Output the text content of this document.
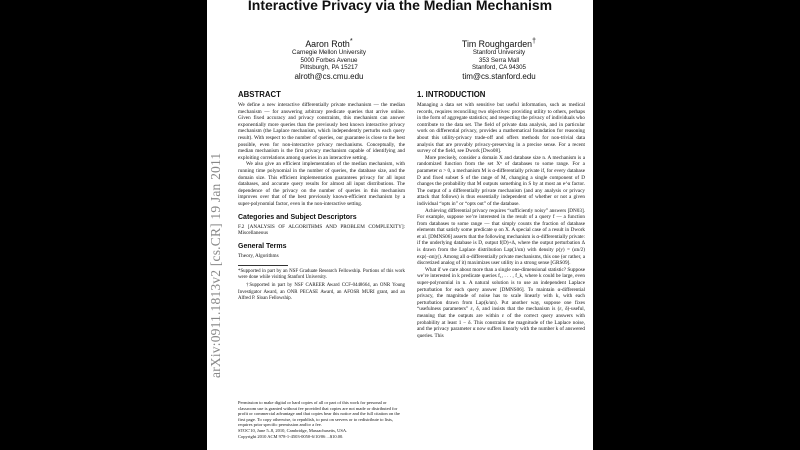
Interactive Privacy via the Median Mechanism
Aaron Roth*
Carnegie Mellon University
5000 Forbes Avenue
Pittsburgh, PA 15217
alroth@cs.cmu.edu
Tim Roughgarden†
Stanford University
353 Serra Mall
Stanford, CA 94305
tim@cs.stanford.edu
arXiv:0911.1813v2 [cs.CR] 19 Jan 2011
ABSTRACT

We define a new interactive differentially private mechanism — the median mechanism — for answering arbitrary predicate queries that arrive online. Given fixed accuracy and privacy constraints, this mechanism can answer exponentially more queries than the previously best known interactive privacy mechanism (the Laplace mechanism, which independently perturbs each query result). With respect to the number of queries, our guarantee is close to the best possible, even for non-interactive privacy mechanisms. Conceptually, the median mechanism is the first privacy mechanism capable of identifying and exploiting correlations among queries in an interactive setting.

We also give an efficient implementation of the median mechanism, with running time polynomial in the number of queries, the database size, and the domain size. This efficient implementation guarantees privacy for all input databases, and accurate query results for almost all input distributions. The dependence of the privacy on the number of queries in this mechanism improves over that of the best previously known-efficient mechanism by a super-polynomial factor, even in the non-interactive setting.

Categories and Subject Descriptors

F.2 [ANALYSIS OF ALGORITHMS AND PROBLEM COMPLEXITY]: Miscellaneous

General Terms

Theory, Algorithms

*Supported in part by an NSF Graduate Research Fellowship. Portions of this work were done while visiting Stanford University.

†Supported in part by NSF CAREER Award CCF-0448664, an ONR Young Investigator Award, an ONR PECASE Award, an AFOSR MURI grant, and an Alfred P. Sloan Fellowship.

Permission to make digital or hard copies of all or part of this work for personal or classroom use is granted without fee provided that copies are not made or distributed for profit or commercial advantage and that copies bear this notice and the full citation on the first page. To copy otherwise, to republish, to post on servers or to redistribute to lists, requires prior specific permission and/or a fee.

STOC'10, June 5–8, 2010, Cambridge, Massachusetts, USA.

Copyright 2010 ACM 978-1-4503-0050-6/10/06 ...$10.00.

1. INTRODUCTION

Managing a data set with sensitive but useful information, such as medical records, requires reconciling two objectives: providing utility to others, perhaps in the form of aggregate statistics; and respecting the privacy of individuals who contribute to the data set. The field of private data analysis, and in particular work on differential privacy, provides a mathematical foundation for reasoning about this utility-privacy trade-off and offers methods for non-trivial data analysis that are provably privacy-preserving in a precise sense. For a recent survey of the field, see Dwork [Dwo08].

More precisely, consider a domain X and database size n. A mechanism is a randomized function from the set Xⁿ of databases to some range. For a parameter α > 0, a mechanism M is α-differentially private if, for every database D and fixed subset S of the range of M, changing a single component of D changes the probability that M outputs something in S by at most an e^α factor. The output of a differentially private mechanism (and any analysis or privacy attack that follows) is thus essentially independent of whether or not a given individual “opts in” or “opts out” of the database.

Achieving differential privacy requires “sufficiently noisy” answers [DN03]. For example, suppose we’re interested in the result of a query f — a function from databases to some range — that simply counts the fraction of database elements that satisfy some predicate φ on X. A special case of a result in Dwork et al. [DMNS06] asserts that the following mechanism is α-differentially private: if the underlying database is D, output f(D)+Δ, where the output perturbation Δ is drawn from the Laplace distribution Lap(1/αn) with density p(y) = (αn/2) exp(−αn|y|). Among all α-differentially private mechanisms, this one (or rather, a discretized analog of it) maximizes user utility in a strong sense [GRS09].

What if we care about more than a single one-dimensional statistic? Suppose we’re interested in k predicate queries f₁, . . . , f_k, where k could be large, even super-polynomial in n. A natural solution is to use an independent Laplace perturbation for each query answer [DMNS06]. To maintain α-differential privacy, the magnitude of noise has to scale linearly with k, with each perturbation drawn from Lap(k/αn). Put another way, suppose one fixes “usefulness parameters” ε, δ, and insists that the mechanism is (ε, δ)-useful, meaning that the outputs are within ε of the correct query answers with probability at least 1 − δ. This constrains the magnitude of the Laplace noise, and the privacy parameter α now suffers linearly with the number k of answered queries. This
